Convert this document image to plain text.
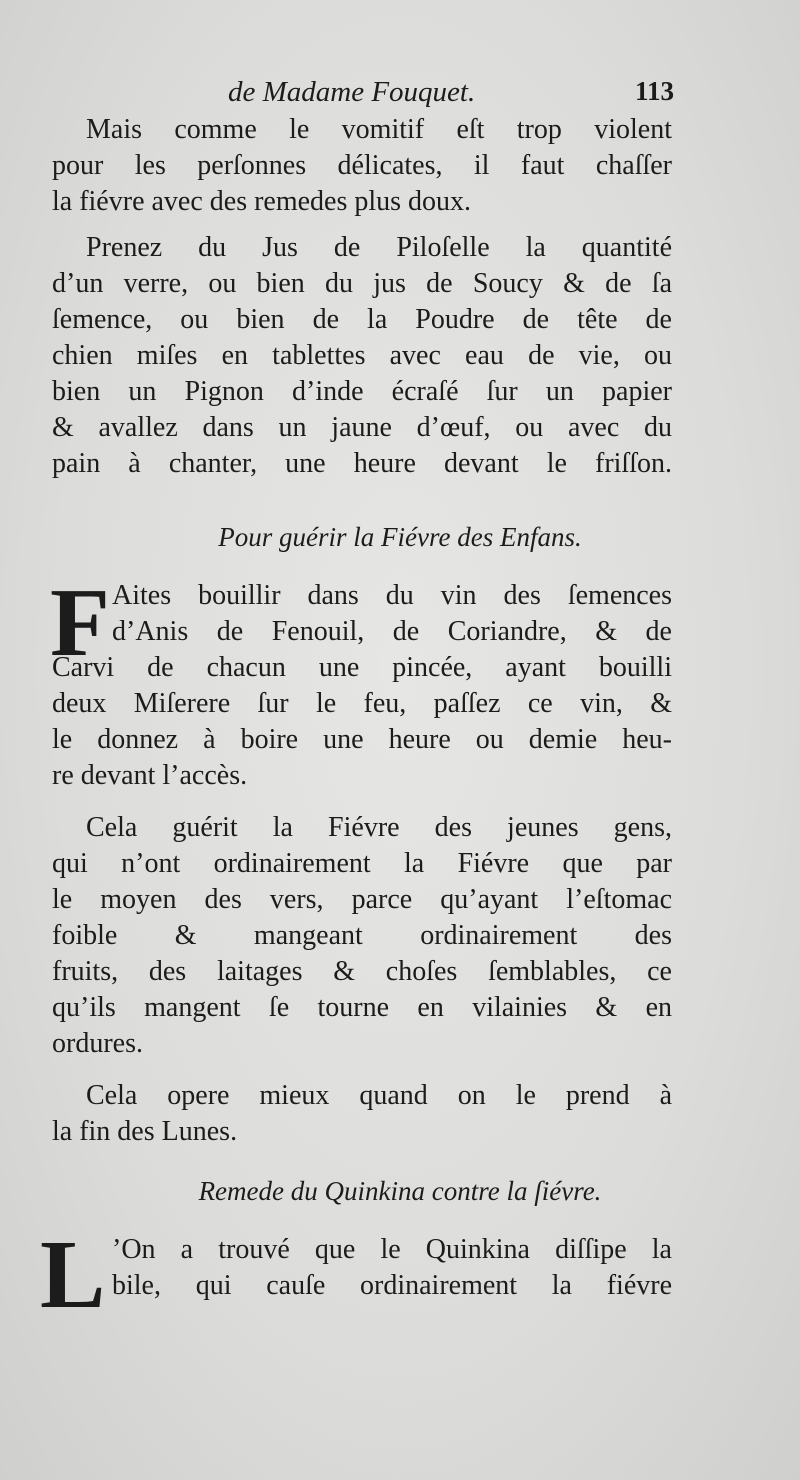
de Madame Fouquet.	113
Mais comme le vomitif eſt trop violent
pour les perſonnes délicates, il faut chaſſer
la fiévre avec des remedes plus doux.
Prenez du Jus de Piloſelle la quantité
d’un verre, ou bien du jus de Soucy & de ſa
ſemence, ou bien de la Poudre de tête de
chien miſes en tablettes avec eau de vie, ou
bien un Pignon d’inde écraſé ſur un papier
& avallez dans un jaune d’œuf, ou avec du
pain à chanter, une heure devant le friſſon.
Pour guérir la Fiévre des Enfans.
F Aites bouillir dans du vin des ſemences
d’Anis de Fenouil, de Coriandre, & de
Carvi de chacun une pincée, ayant bouilli
deux Miſerere ſur le feu, paſſez ce vin, &
le donnez à boire une heure ou demie heu-
re devant l’accès.
Cela guérit la Fiévre des jeunes gens,
qui n’ont ordinairement la Fiévre que par
le moyen des vers, parce qu’ayant l’eſtomac
foible & mangeant ordinairement des
fruits, des laitages & choſes ſemblables, ce
qu’ils mangent ſe tourne en vilainies & en
ordures.
Cela opere mieux quand on le prend à
la fin des Lunes.
Remede du Quinkina contre la ſiévre.
L ’On a trouvé que le Quinkina diſſipe la
bile, qui cauſe ordinairement la fiévre
